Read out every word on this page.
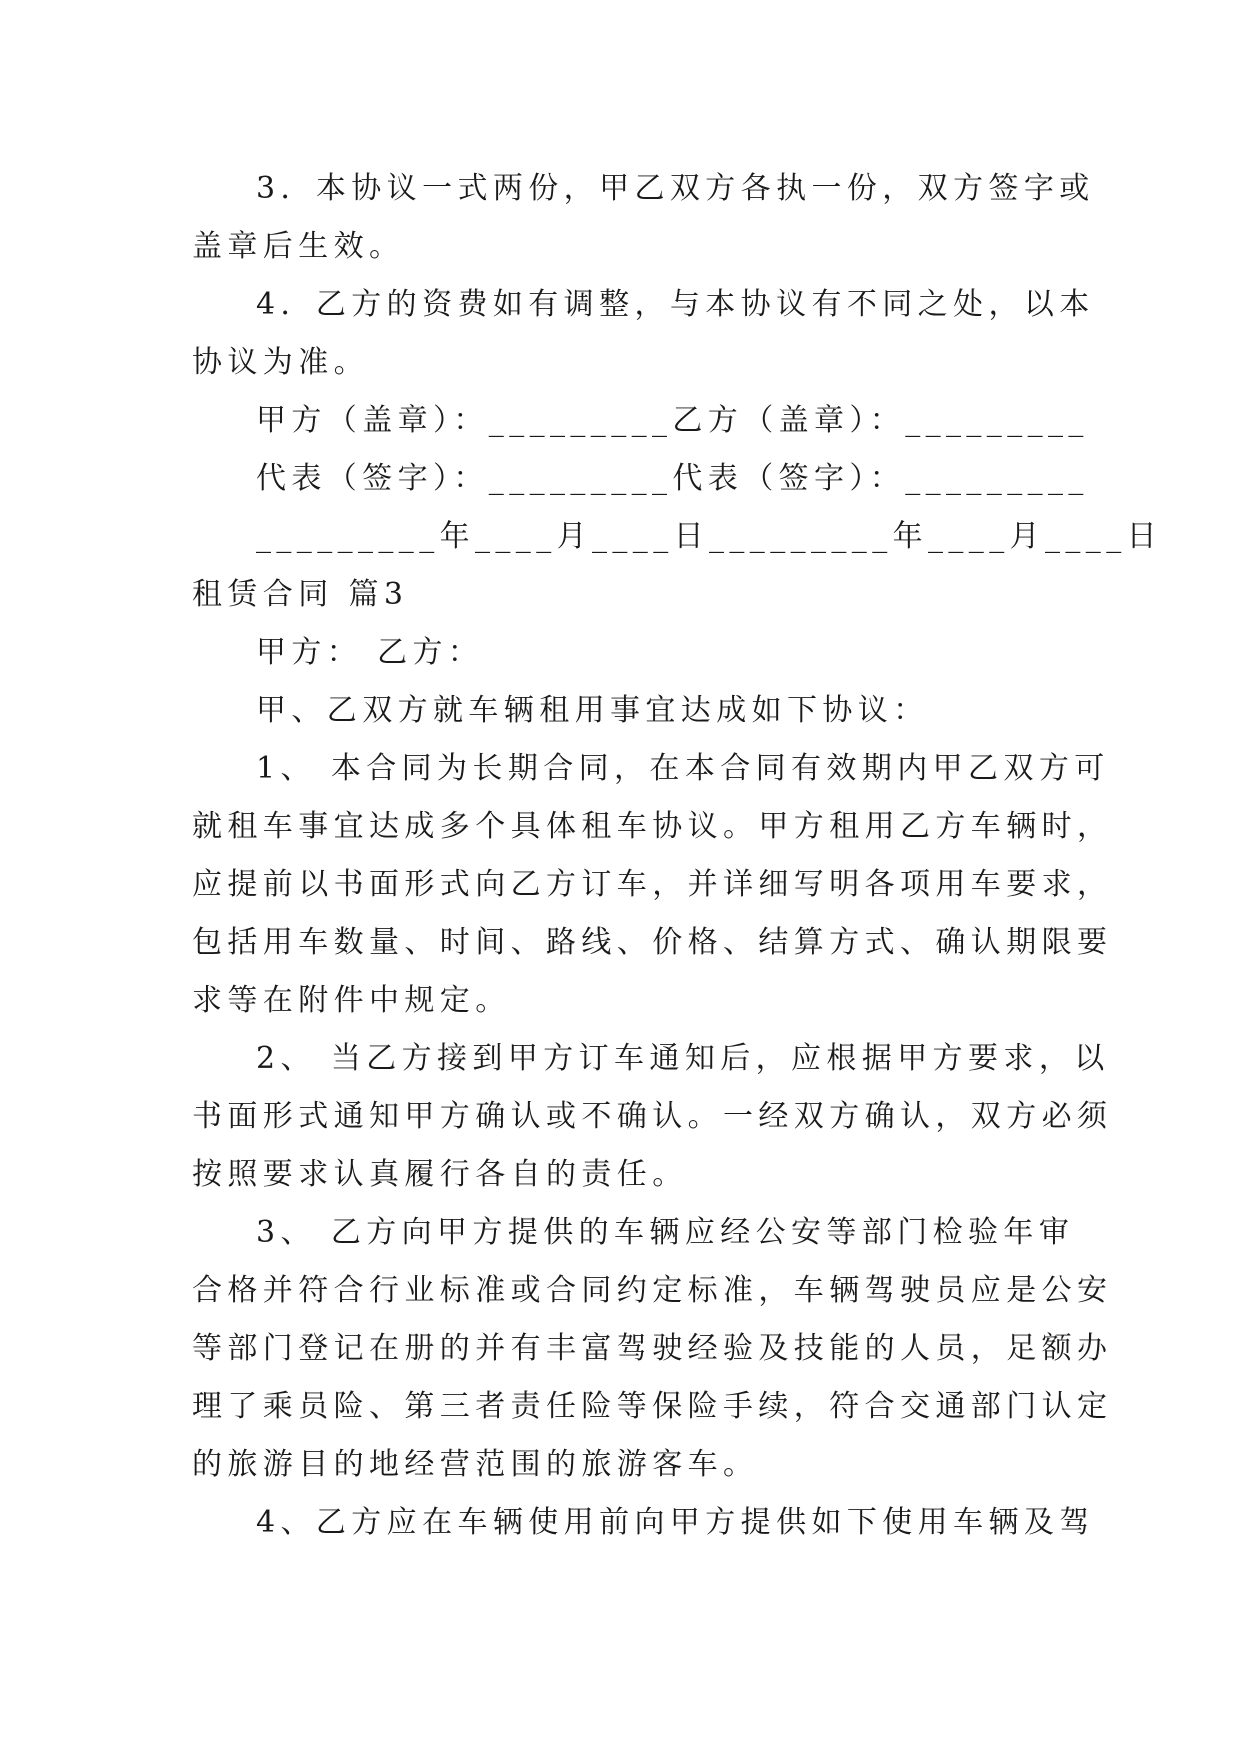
3．本协议一式两份，甲乙双方各执一份，双方签字或
盖章后生效。
4．乙方的资费如有调整，与本协议有不同之处，以本
协议为准。
甲方（盖章）：_________乙方（盖章）：_________
代表（签字）：_________代表（签字）：_________
_________年____月____日_________年____月____日
租赁合同 篇3
甲方： 乙方：
甲、乙双方就车辆租用事宜达成如下协议：
1、 本合同为长期合同，在本合同有效期内甲乙双方可
就租车事宜达成多个具体租车协议。甲方租用乙方车辆时，
应提前以书面形式向乙方订车，并详细写明各项用车要求，
包括用车数量、时间、路线、价格、结算方式、确认期限要
求等在附件中规定。
2、 当乙方接到甲方订车通知后，应根据甲方要求，以
书面形式通知甲方确认或不确认。一经双方确认，双方必须
按照要求认真履行各自的责任。
3、 乙方向甲方提供的车辆应经公安等部门检验年审
合格并符合行业标准或合同约定标准，车辆驾驶员应是公安
等部门登记在册的并有丰富驾驶经验及技能的人员，足额办
理了乘员险、第三者责任险等保险手续，符合交通部门认定
的旅游目的地经营范围的旅游客车。
4、乙方应在车辆使用前向甲方提供如下使用车辆及驾
